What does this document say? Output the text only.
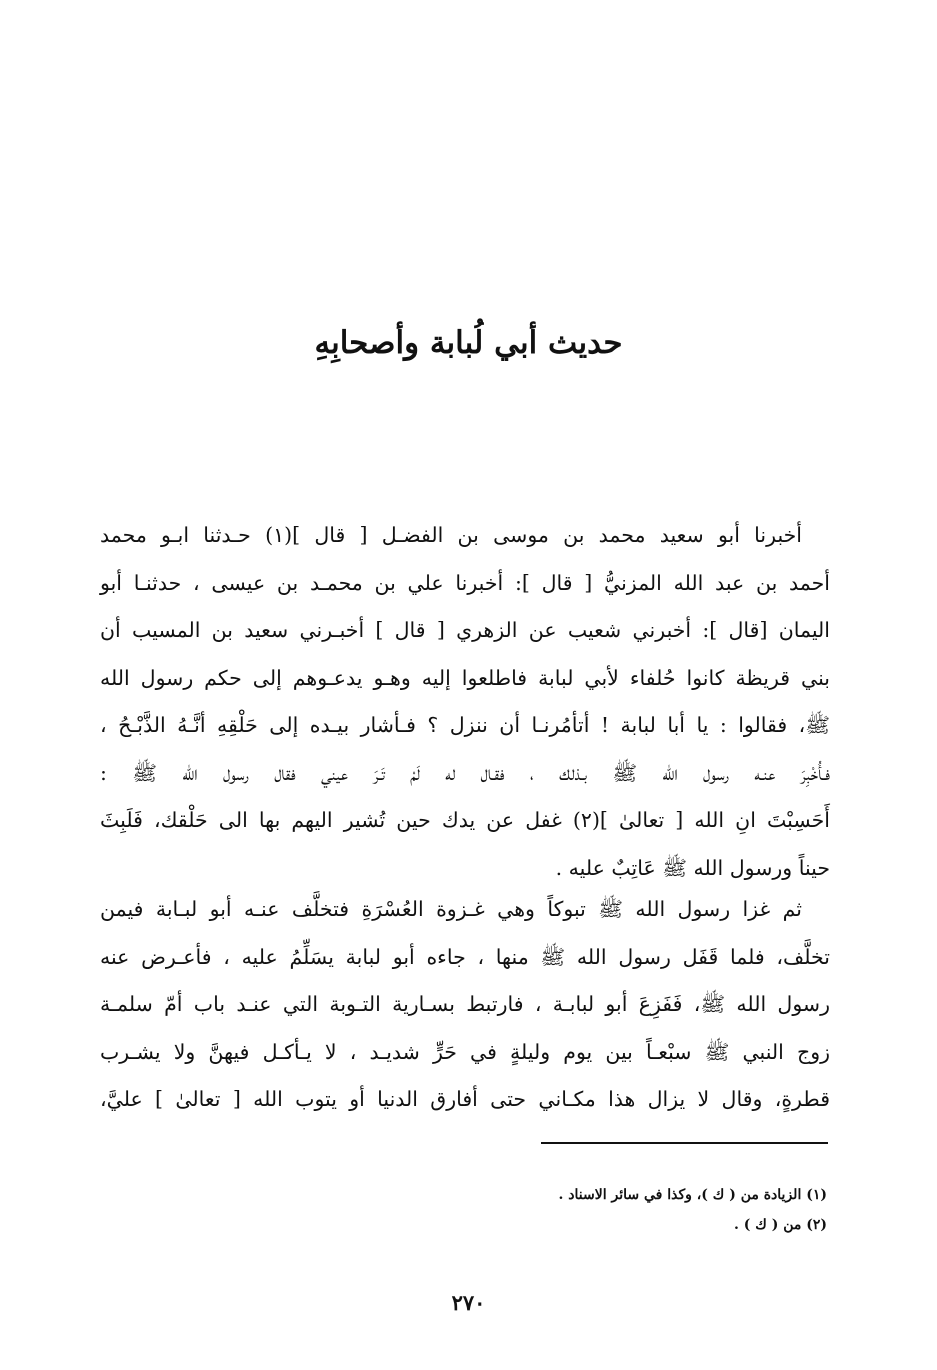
حديث أبي لُبابة وأصحابِهِ
أخبرنا أبو سعيد محمد بن موسى بن الفضـل [ قال ](١) حـدثنا ابـو محمد
أحمد بن عبد الله المزنيُّ [ قال ]: أخبرنا علي بن محمـد بن عيسى ، حدثنـا أبو
اليمان [قال ]: أخبرني شعيب عن الزهري [ قال ] أخبـرني سعيد بن المسيب أن
بني قريظة كانوا حُلفاء لأبي لبابة فاطلعوا إليه وهـو يدعـوهم إلى حكم رسول الله
ﷺ، فقالوا : يا أبا لبابة ! أتأمُرنـا أن ننزل ؟ فـأشار بيـده إلى حَلْقِهِ أنَّـهُ الذَّبْـحُ ،
فـأُخْبِرَ عنـه رسول الله ﷺ بـذلك ، فقـال له لَمْ تَـرَ عيني فقال رسول الله ﷺ :
أَحَسِبْتَ انِ الله [ تعالىٰ ](٢) غفل عن يدك حين تُشير اليهم بها الى حَلْقك، فَلَبِثَ
حيناً ورسول الله ﷺ عَاتِبٌ عليه .
ثم غزا رسول الله ﷺ تبوكاً وهي غـزوة العُسْرَةِ فتخلَّف عنـه أبو لبـابة فيمن
تخلَّف، فلما قَفَل رسول الله ﷺ منها ، جاءه أبو لبابة يسَلِّمُ عليه ، فأعـرض عنه
رسول الله ﷺ، فَفَزِعَ أبو لبابـة ، فارتبط بسـارية التـوبة التي عنـد باب أمّ سلمـة
زوج النبي ﷺ سبْعـاً بين يوم وليلةٍ في حَرٍّ شديـد ، لا يـأكـل فيهنَّ ولا يشـرب
قطرةٍ، وقال لا يزال هذا مكـاني حتى أفارق الدنيا أو يتوب الله [ تعالىٰ ] عليَّ،
(١) الزيادة من ( ك )، وكذا في سائر الاسناد .
(٢) من ( ك ) .
٢٧٠
